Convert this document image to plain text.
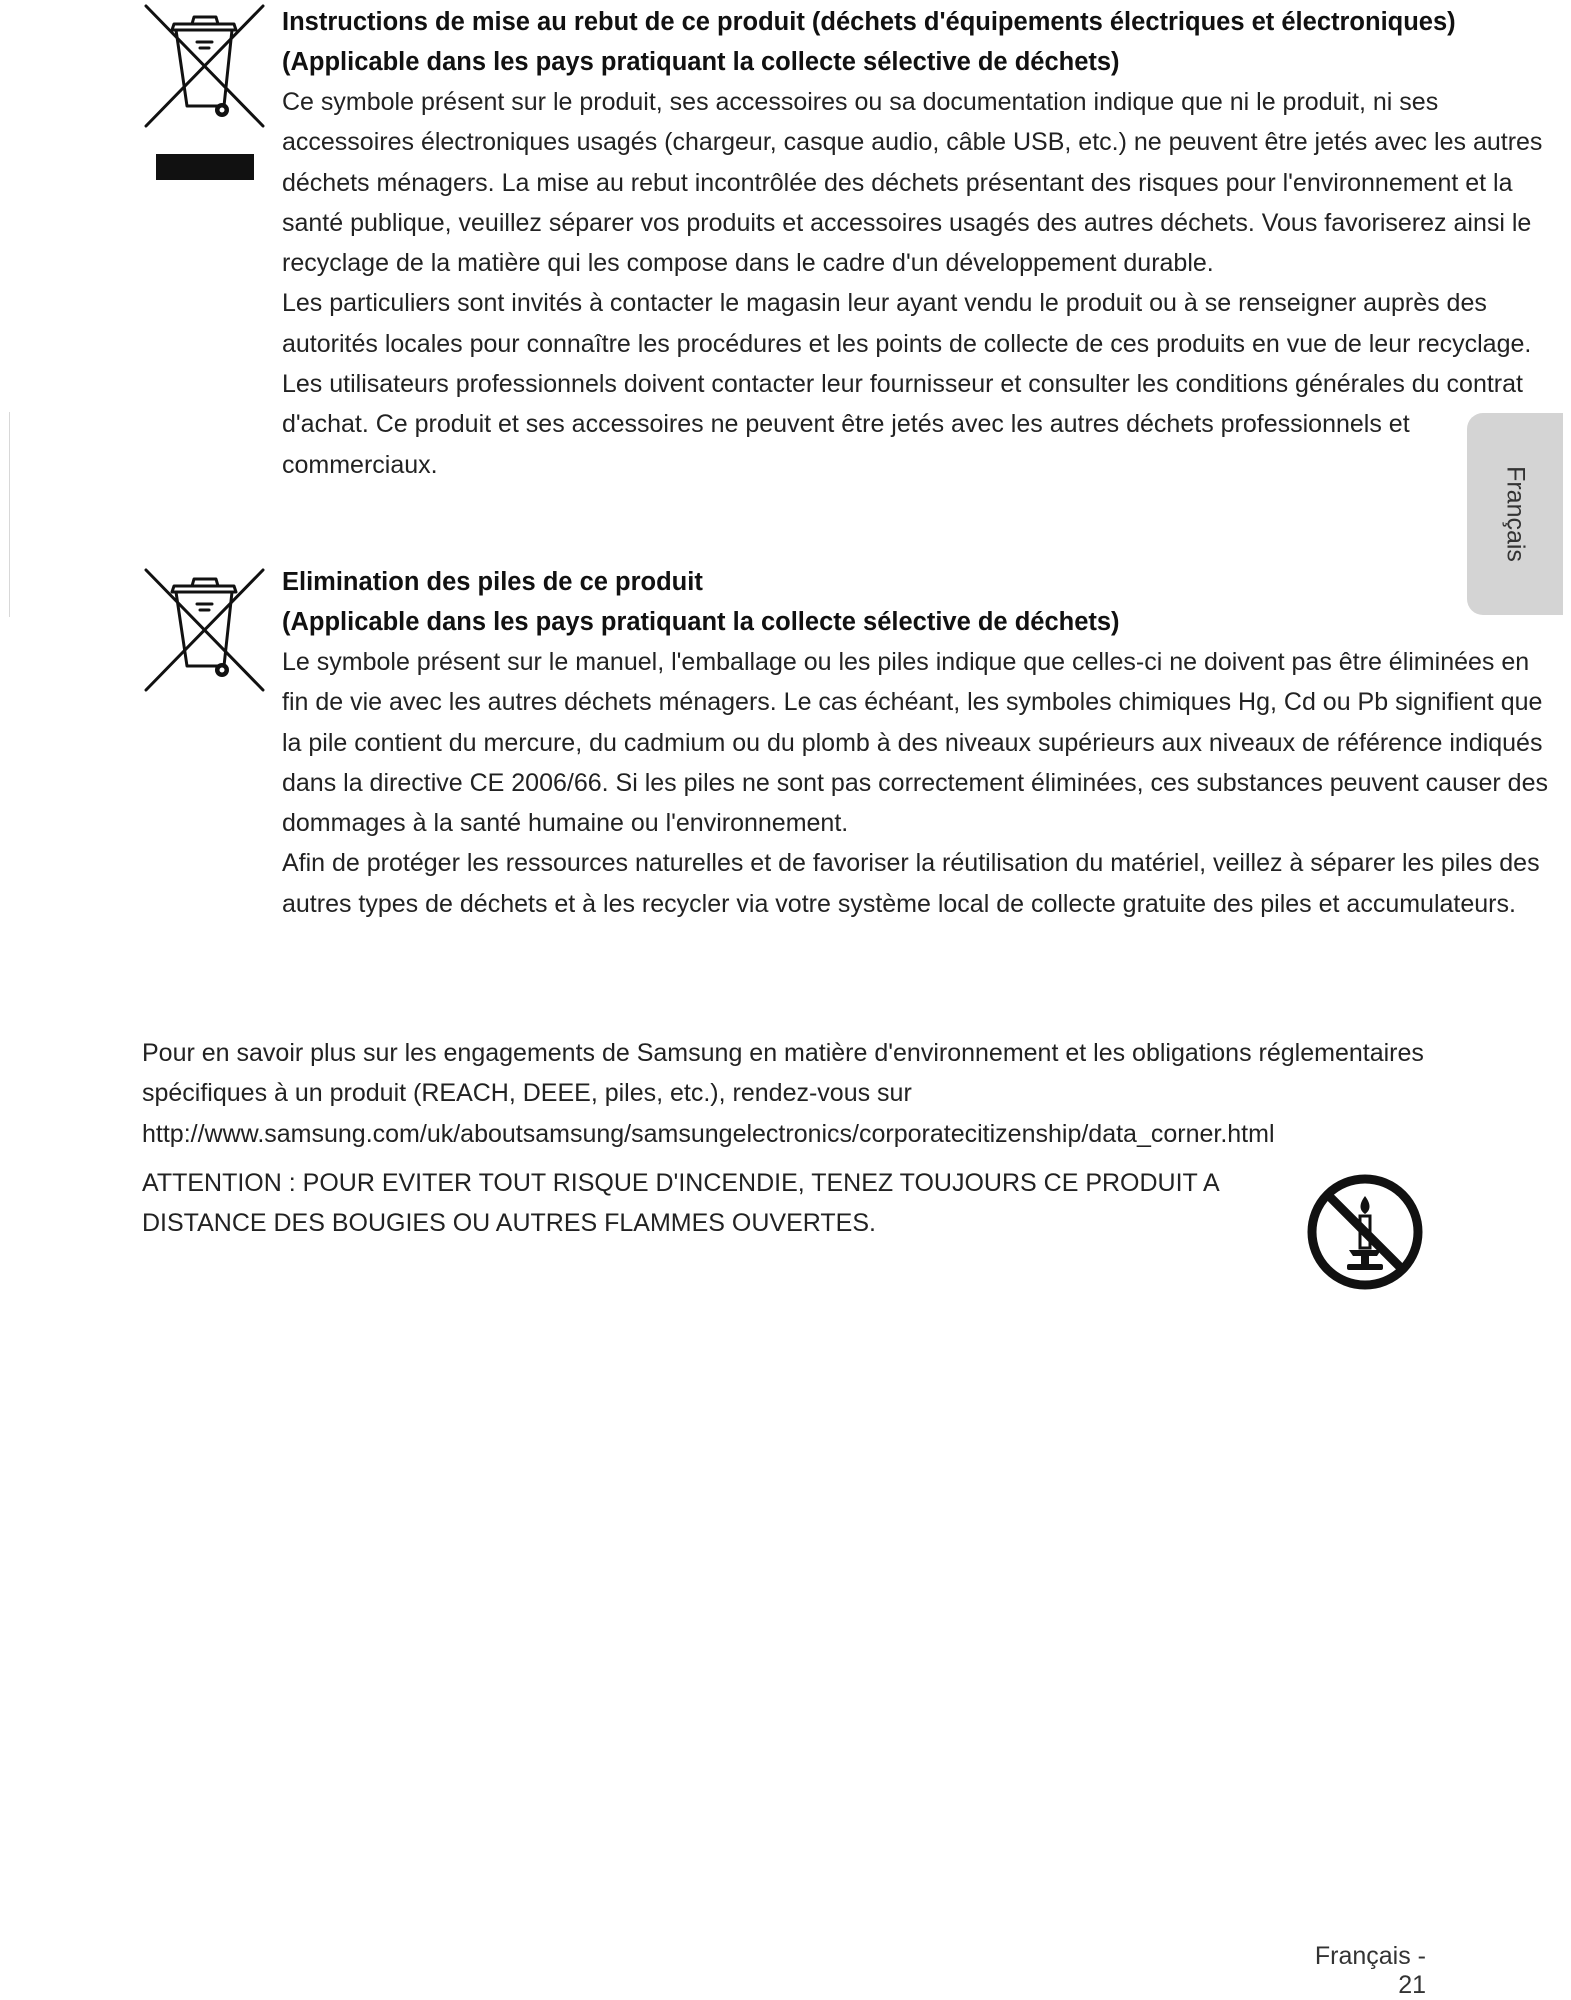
Français

Instructions de mise au rebut de ce produit (déchets d'équipements électriques et électroniques)

(Applicable dans les pays pratiquant la collecte sélective de déchets)

Ce symbole présent sur le produit, ses accessoires ou sa documentation indique que ni le produit, ni ses accessoires électroniques usagés (chargeur, casque audio, câble USB, etc.) ne peuvent être jetés avec les autres déchets ménagers. La mise au rebut incontrôlée des déchets présentant des risques pour l'environnement et la santé publique, veuillez séparer vos produits et accessoires usagés des autres déchets. Vous favoriserez ainsi le recyclage de la matière qui les compose dans le cadre d'un développement durable.

Les particuliers sont invités à contacter le magasin leur ayant vendu le produit ou à se renseigner auprès des autorités locales pour connaître les procédures et les points de collecte de ces produits en vue de leur recyclage.

Les utilisateurs professionnels doivent contacter leur fournisseur et consulter les conditions générales du contrat d'achat. Ce produit et ses accessoires ne peuvent être jetés avec les autres déchets professionnels et commerciaux.

Elimination des piles de ce produit

(Applicable dans les pays pratiquant la collecte sélective de déchets)

Le symbole présent sur le manuel, l'emballage ou les piles indique que celles-ci ne doivent pas être éliminées en fin de vie avec les autres déchets ménagers. Le cas échéant, les symboles chimiques Hg, Cd ou Pb signifient que la pile contient du mercure, du cadmium ou du plomb à des niveaux supérieurs aux niveaux de référence indiqués dans la directive CE 2006/66. Si les piles ne sont pas correctement éliminées, ces substances peuvent causer des dommages à la santé humaine ou l'environnement.

Afin de protéger les ressources naturelles et de favoriser la réutilisation du matériel, veillez à séparer les piles des autres types de déchets et à les recycler via votre système local de collecte gratuite des piles et accumulateurs.

Pour en savoir plus sur les engagements de Samsung en matière d'environnement et les obligations réglementaires spécifiques à un produit (REACH, DEEE, piles, etc.), rendez-vous sur http://www.samsung.com/uk/aboutsamsung/samsungelectronics/corporatecitizenship/data_corner.html

ATTENTION : POUR EVITER TOUT RISQUE D'INCENDIE, TENEZ TOUJOURS CE PRODUIT A DISTANCE DES BOUGIES OU AUTRES FLAMMES OUVERTES.

Français - 21
